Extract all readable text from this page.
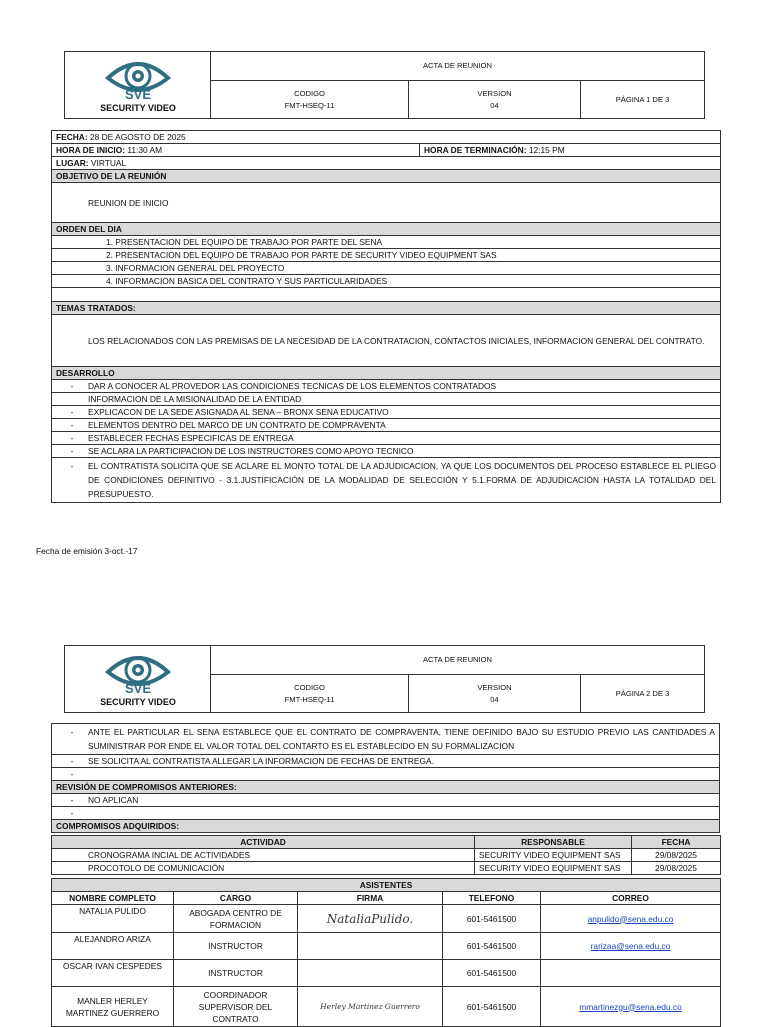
SVE
SECURITY VIDEO	ACTA DE REUNION		
	CODIGO
FMT-HSEQ-11	VERSION
04	PÁGINA 1 DE 3
FECHA: 28 DE AGOSTO DE 2025
HORA DE INICIO: 11:30 AM	HORA DE TERMINACIÓN: 12:15 PM
LUGAR: VIRTUAL
OBJETIVO DE LA REUNIÓN
REUNION DE INICIO
ORDEN DEL DIA
1. PRESENTACION DEL EQUIPO DE TRABAJO POR PARTE DEL SENA
2. PRESENTACION DEL EQUIPO DE TRABAJO POR PARTE DE SECURITY VIDEO EQUIPMENT SAS
3. INFORMACION GENERAL DEL PROYECTO
4. INFORMACION BASICA DEL CONTRATO Y SUS PARTICULARIDADES

TEMAS TRATADOS:
LOS RELACIONADOS CON LAS PREMISAS DE LA NECESIDAD DE LA CONTRATACION, CONTACTOS INICIALES, INFORMACION GENERAL DEL CONTRATO.
DESARROLLO

-	DAR A CONOCER AL PROVEDOR LAS CONDICIONES TECNICAS DE LOS ELEMENTOS CONTRATADOS

INFORMACION DE LA MISIONALIDAD DE LA ENTIDAD

-	EXPLICACON DE LA SEDE ASIGNADA AL SENA – BRONX SENA EDUCATIVO

-	ELEMENTOS DENTRO DEL MARCO DE UN CONTRATO DE COMPRAVENTA

-	ESTABLECER FECHAS ESPECIFICAS DE ENTREGA

-	SE ACLARA LA PARTICIPACION DE LOS INSTRUCTORES COMO APOYO TECNICO

-	EL CONTRATISTA SOLICITA QUE SE ACLARE EL MONTO TOTAL DE LA ADJUDICACION, YA QUE LOS DOCUMENTOS DEL PROCESO ESTABLECE EL PLIEGO DE CONDICIONES DEFINITIVO - 3.1.JUSTIFICACIÓN DE LA MODALIDAD DE SELECCIÓN Y 5.1.FORMA DE ADJUDICACIÓN HASTA LA TOTALIDAD DEL PRESUPUESTO.
Fecha de emisión 3-oct.-17
SVE
SECURITY VIDEO	ACTA DE REUNION		
	CODIGO
FMT-HSEQ-11	VERSION
04	PÁGINA 2 DE 3
-	ANTE EL PARTICULAR EL SENA ESTABLECE QUE EL CONTRATO DE COMPRAVENTA, TIENE DEFINIDO BAJO SU ESTUDIO PREVIO LAS CANTIDADES A SUMINISTRAR POR ENDE EL VALOR TOTAL DEL CONTARTO ES EL ESTABLECIDO EN SU FORMALIZACION

-	SE SOLICITA AL CONTRATISTA ALLEGAR LA INFORMACION DE FECHAS DE ENTREGA.

-

REVISIÓN DE COMPROMISOS ANTERIORES:

-	NO APLICAN

-

COMPROMISOS ADQUIRIDOS:
ACTIVIDAD	RESPONSABLE	FECHA
CRONOGRAMA INCIAL DE ACTIVIDADES	SECURITY VIDEO EQUIPMENT SAS	29/08/2025
PROCOTOLO DE COMUNICACIÓN	SECURITY VIDEO EQUIPMENT SAS	29/08/2025
ASISTENTES				
NOMBRE COMPLETO	CARGO	FIRMA	TELEFONO	CORREO
NATALIA PULIDO	ABOGADA CENTRO DE FORMACION	NataliaPulido.	601-5461500	anpulido@sena.edu.co
ALEJANDRO ARIZA	INSTRUCTOR		601-5461500	rarizaa@sena.edu.co
OSCAR IVAN CESPEDES	INSTRUCTOR		601-5461500	
MANLER HERLEY MARTINEZ GUERRERO	COORDINADOR SUPERVISOR DEL CONTRATO	Herley Martinez Guerrero	601-5461500	mmartinezgu@sena.edu.co
